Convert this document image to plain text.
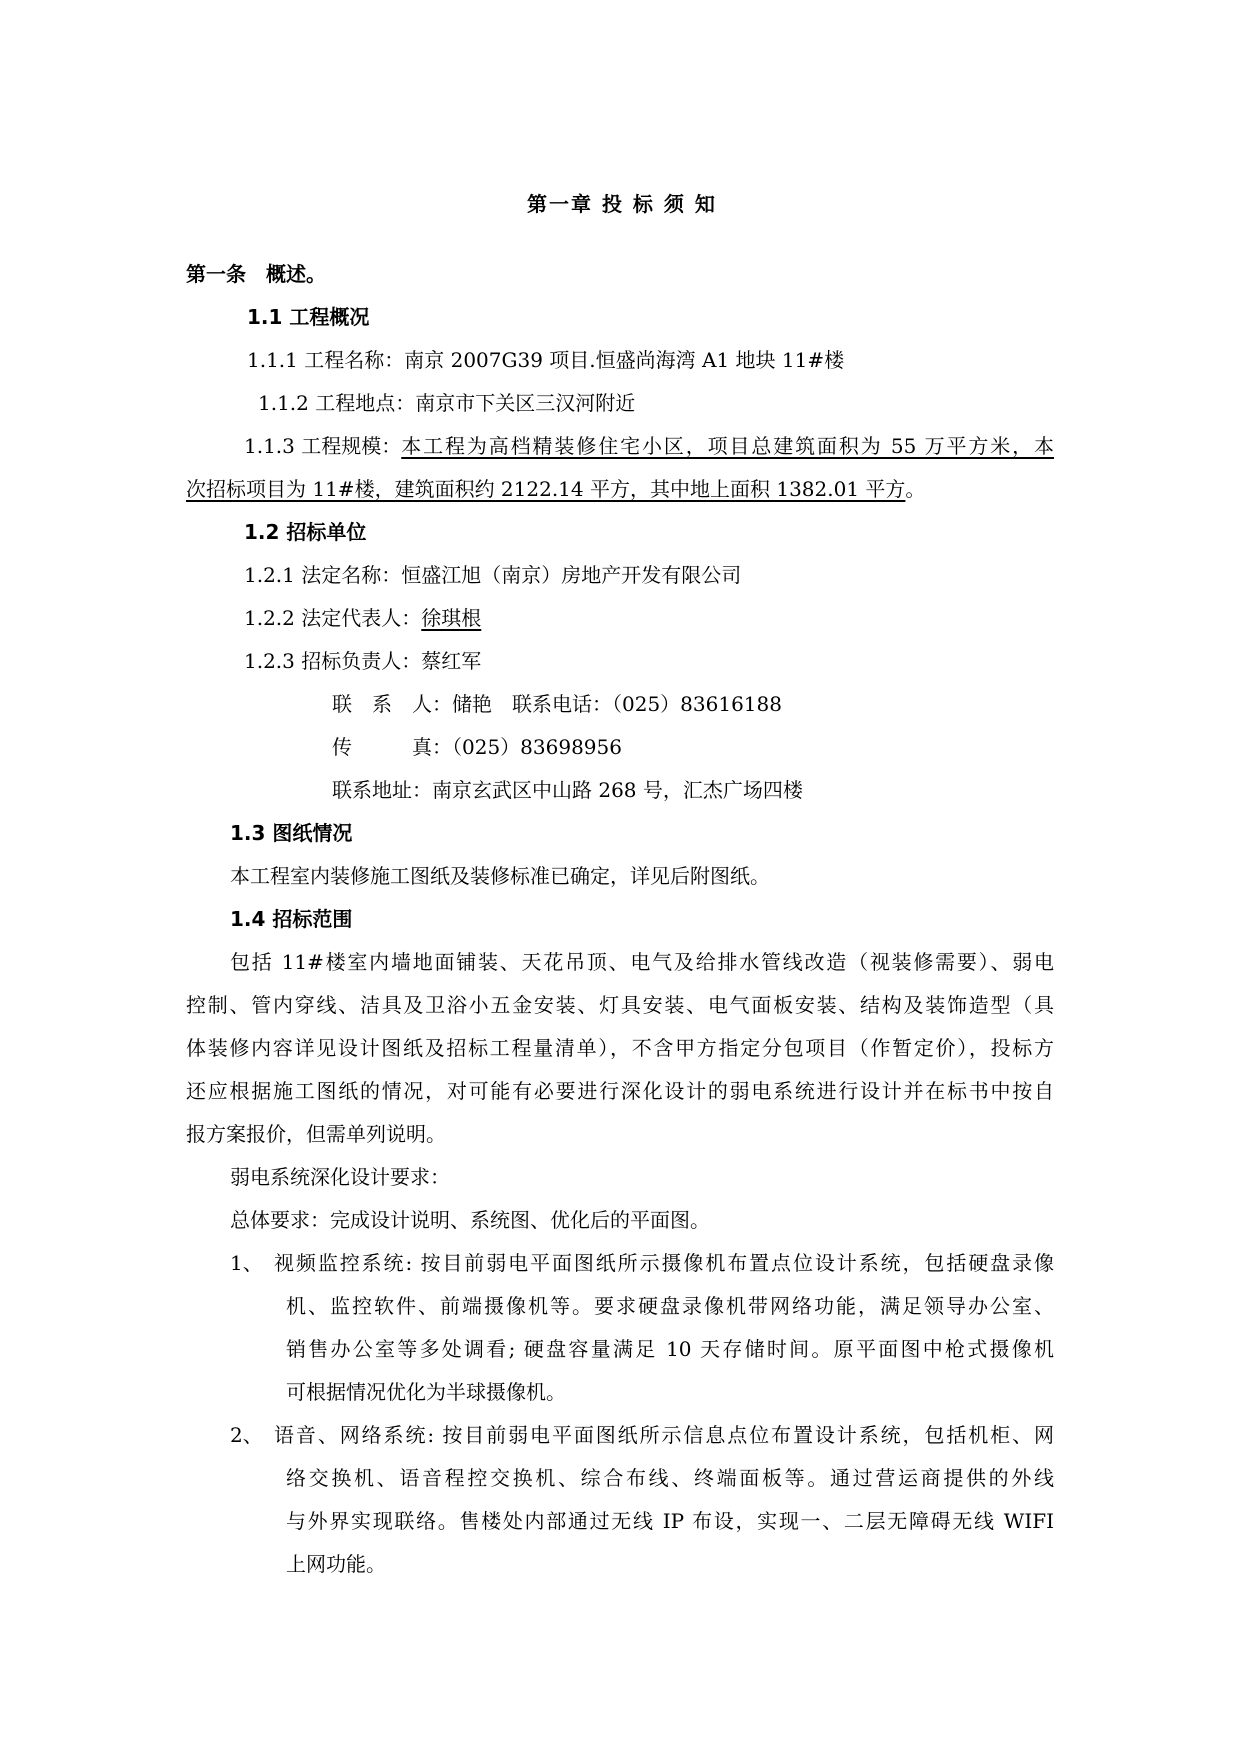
第一章 投 标 须 知
第一条　概述。
1.1 工程概况
1.1.1 工程名称：南京 2007G39 项目.恒盛尚海湾 A1 地块 11#楼
1.1.2 工程地点：南京市下关区三汉河附近
1.1.3 工程规模： 本工程为高档精装修住宅小区，项目总建筑面积为 55 万平方米，本
次招标项目为 11#楼，建筑面积约 2122.14 平方，其中地上面积 1382.01 平方。
1.2 招标单位
1.2.1 法定名称：恒盛江旭（南京）房地产开发有限公司
1.2.2 法定代表人：徐琪根
1.2.3 招标负责人：蔡红军
联　系　人：储艳　联系电话：（025）83616188
传　　　真：（025）83698956
联系地址：南京玄武区中山路 268 号，汇杰广场四楼
1.3 图纸情况
本工程室内装修施工图纸及装修标准已确定，详见后附图纸。
1.4 招标范围
包括 11#楼室内墙地面铺装、天花吊顶、电气及给排水管线改造（视装修需要）、弱电
控制、管内穿线、洁具及卫浴小五金安装、灯具安装、电气面板安装、结构及装饰造型（具
体装修内容详见设计图纸及招标工程量清单），不含甲方指定分包项目（作暂定价），投标方
还应根据施工图纸的情况，对可能有必要进行深化设计的弱电系统进行设计并在标书中按自
报方案报价，但需单列说明。
弱电系统深化设计要求：
总体要求：完成设计说明、系统图、优化后的平面图。
1、 视频监控系统: 按目前弱电平面图纸所示摄像机布置点位设计系统，包括硬盘录像
机、监控软件、前端摄像机等。要求硬盘录像机带网络功能，满足领导办公室、
销售办公室等多处调看; 硬盘容量满足 10 天存储时间。原平面图中枪式摄像机
可根据情况优化为半球摄像机。
2、 语音、网络系统: 按目前弱电平面图纸所示信息点位布置设计系统，包括机柜、网
络交换机、语音程控交换机、综合布线、终端面板等。通过营运商提供的外线
与外界实现联络。售楼处内部通过无线 IP 布设，实现一、二层无障碍无线 WIFI
上网功能。
